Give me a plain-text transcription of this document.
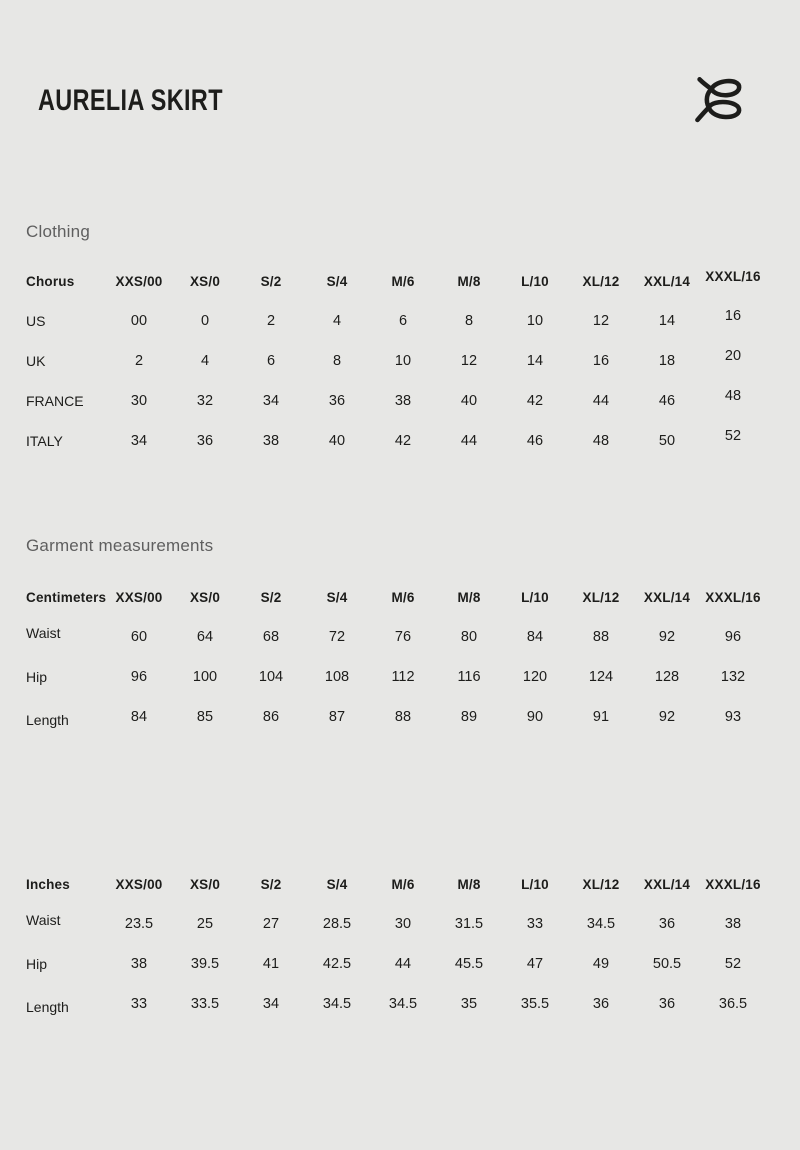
AURELIA SKIRT
Clothing
Chorus	XXS/00	XS/0	S/2	S/4	M/6	M/8	L/10	XL/12	XXL/14	XXXL/16
US	00	0	2	4	6	8	10	12	14	16
UK	2	4	6	8	10	12	14	16	18	20
FRANCE	30	32	34	36	38	40	42	44	46	48
ITALY	34	36	38	40	42	44	46	48	50	52
Garment measurements
Centimeters XXS/00	XS/0	S/2	S/4	M/6	M/8	L/10	XL/12	XXL/14	XXXL/16
Waist	60	64	68	72	76	80	84	88	92	96
Hip	96	100	104	108	112	116	120	124	128	132
Length	84	85	86	87	88	89	90	91	92	93
Inches	XXS/00	XS/0	S/2	S/4	M/6	M/8	L/10	XL/12	XXL/14	XXXL/16
Waist	23.5	25	27	28.5	30	31.5	33	34.5	36	38
Hip	38	39.5	41	42.5	44	45.5	47	49	50.5	52
Length	33	33.5	34	34.5	34.5	35	35.5	36	36	36.5
